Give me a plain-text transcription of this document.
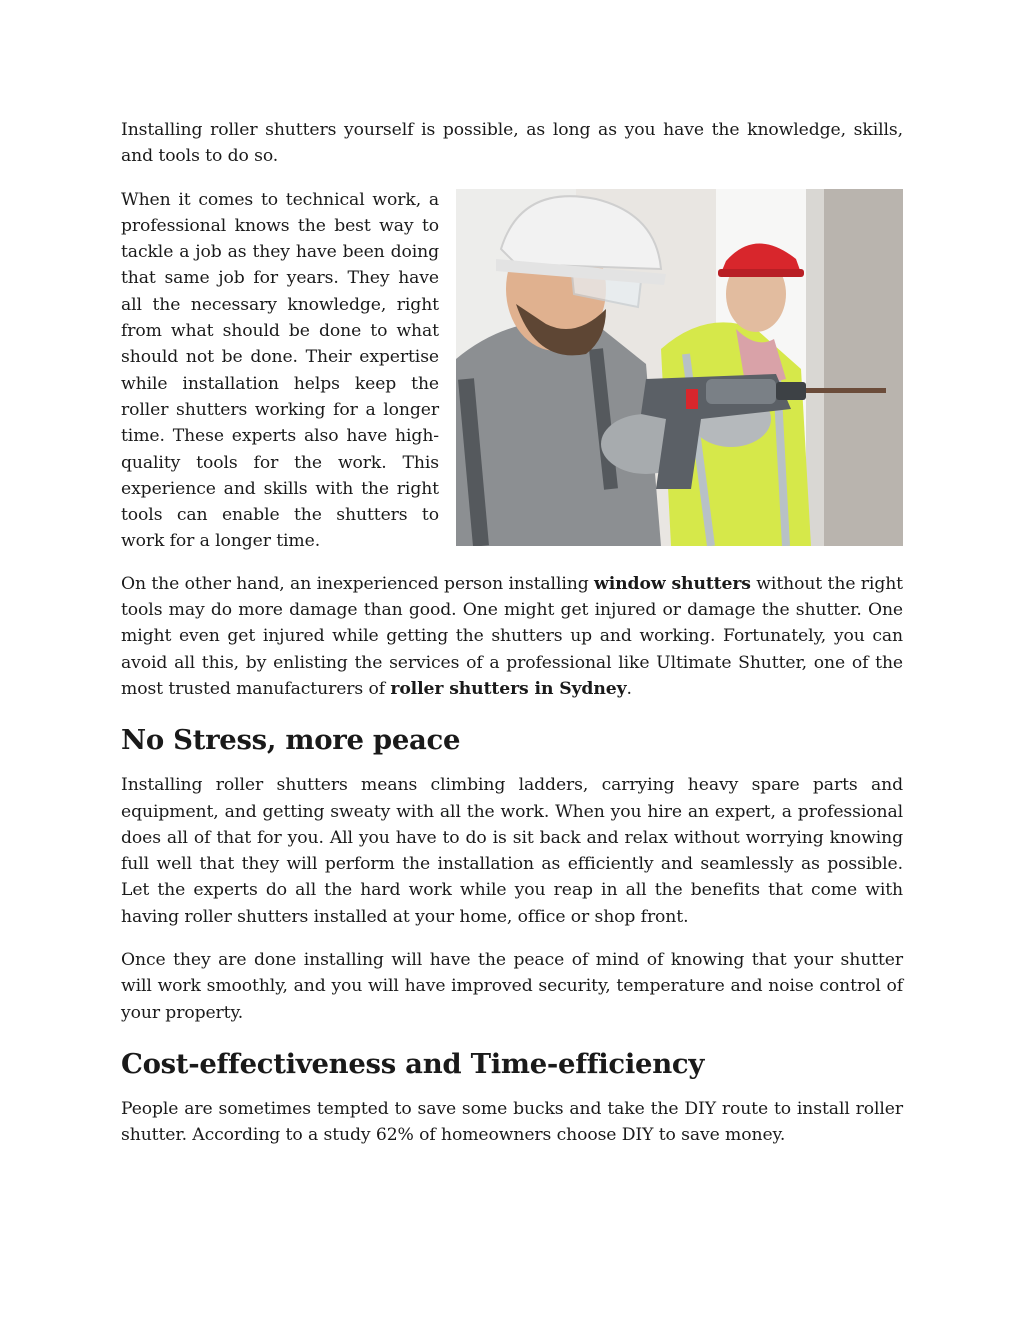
Installing roller shutters yourself is possible, as long as you have the knowledge, skills, and tools to do so.

When it comes to technical work, a professional knows the best way to tackle a job as they have been doing that same job for years. They have all the necessary knowledge, right from what should be done to what should not be done. Their expertise while installation helps keep the roller shutters working for a longer time. These experts also have high-quality tools for the work. This experience and skills with the right tools can enable the shutters to work for a longer time.

On the other hand, an inexperienced person installing window shutters without the right tools may do more damage than good. One might get injured or damage the shutter. One might even get injured while getting the shutters up and working. Fortunately, you can avoid all this, by enlisting the services of a professional like Ultimate Shutter, one of the most trusted manufacturers of roller shutters in Sydney.

No Stress, more peace

Installing roller shutters means climbing ladders, carrying heavy spare parts and equipment, and getting sweaty with all the work. When you hire an expert, a professional does all of that for you. All you have to do is sit back and relax without worrying knowing full well that they will perform the installation as efficiently and seamlessly as possible. Let the experts do all the hard work while you reap in all the benefits that come with having roller shutters installed at your home, office or shop front.

Once they are done installing will have the peace of mind of knowing that your shutter will work smoothly, and you will have improved security, temperature and noise control of your property.

Cost-effectiveness and Time-efficiency

People are sometimes tempted to save some bucks and take the DIY route to install roller shutter. According to a study 62% of homeowners choose DIY to save money.
